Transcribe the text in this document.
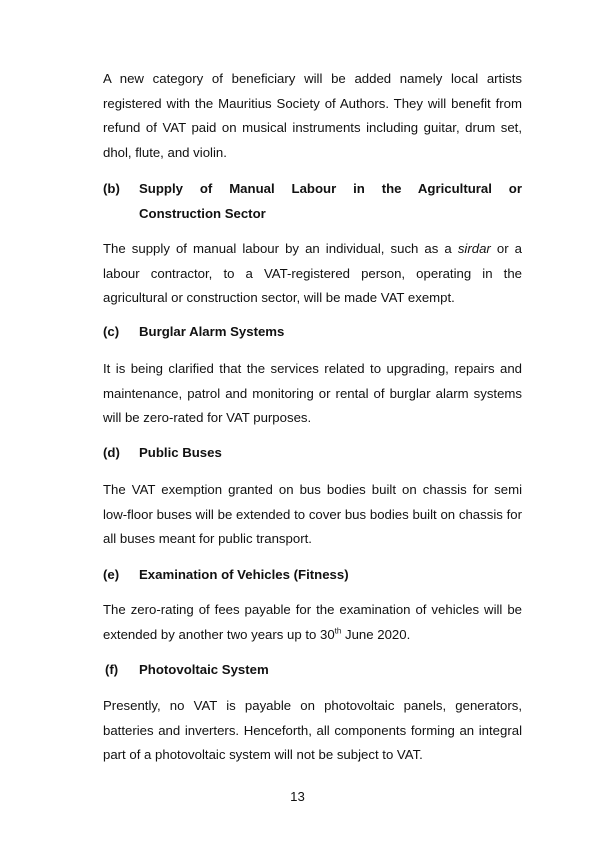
A new category of beneficiary will be added namely local artists registered with the Mauritius Society of Authors. They will benefit from refund of VAT paid on musical instruments including guitar, drum set, dhol, flute, and violin.

(b) Supply of Manual Labour in the Agricultural or
Construction Sector

The supply of manual labour by an individual, such as a sirdar or a labour contractor, to a VAT-registered person, operating in the agricultural or construction sector, will be made VAT exempt.

(c) Burglar Alarm Systems

It is being clarified that the services related to upgrading, repairs and maintenance, patrol and monitoring or rental of burglar alarm systems will be zero-rated for VAT purposes.

(d) Public Buses

The VAT exemption granted on bus bodies built on chassis for semi low-floor buses will be extended to cover bus bodies built on chassis for all buses meant for public transport.

(e) Examination of Vehicles (Fitness)

The zero-rating of fees payable for the examination of vehicles will be extended by another two years up to 30th June 2020.

(f) Photovoltaic System

Presently, no VAT is payable on photovoltaic panels, generators, batteries and inverters. Henceforth, all components forming an integral part of a photovoltaic system will not be subject to VAT.

13
